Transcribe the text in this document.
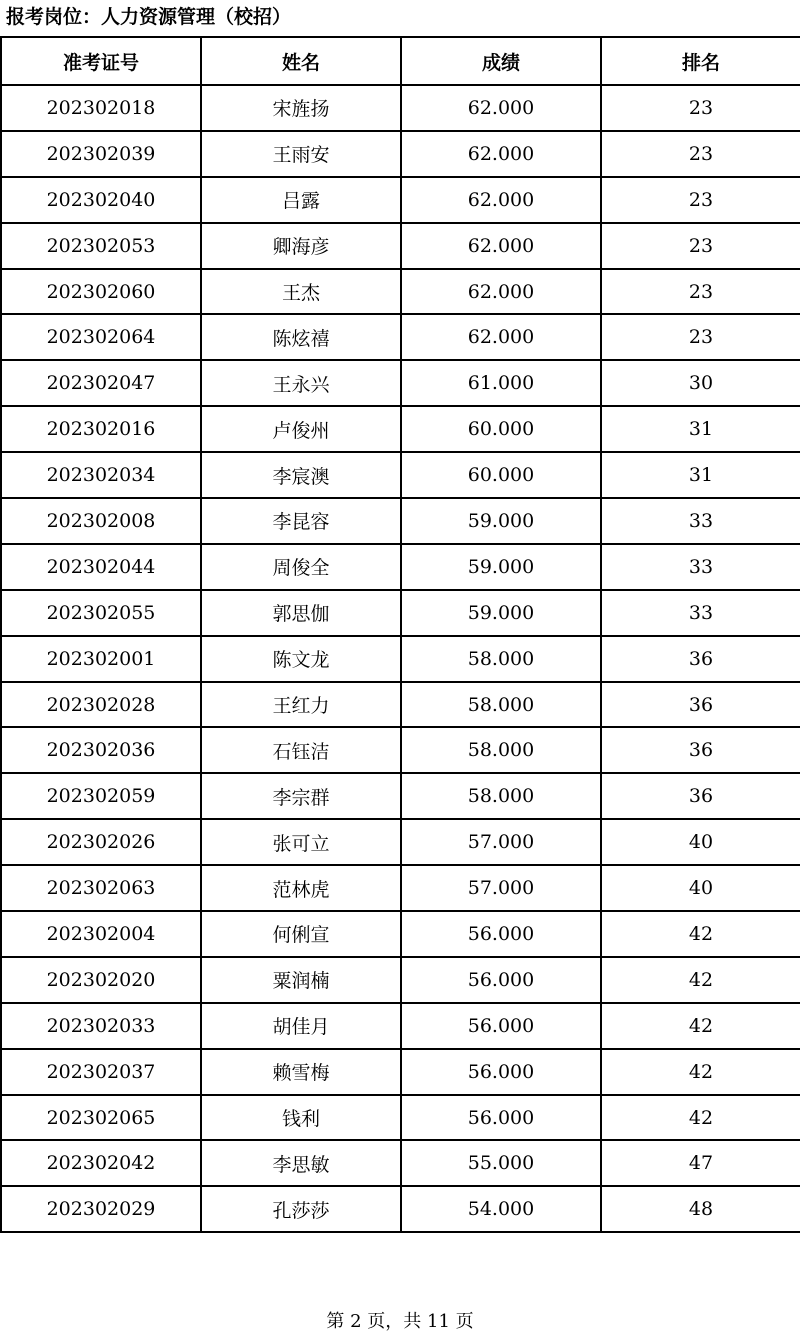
报考岗位：人力资源管理（校招）
准考证号	姓名	成绩	排名
202302018	宋旌扬	62.000	23
202302039	王雨安	62.000	23
202302040	吕露	62.000	23
202302053	卿海彦	62.000	23
202302060	王杰	62.000	23
202302064	陈炫禧	62.000	23
202302047	王永兴	61.000	30
202302016	卢俊州	60.000	31
202302034	李宸澳	60.000	31
202302008	李昆容	59.000	33
202302044	周俊全	59.000	33
202302055	郭思伽	59.000	33
202302001	陈文龙	58.000	36
202302028	王红力	58.000	36
202302036	石钰洁	58.000	36
202302059	李宗群	58.000	36
202302026	张可立	57.000	40
202302063	范林虎	57.000	40
202302004	何俐宣	56.000	42
202302020	粟润楠	56.000	42
202302033	胡佳月	56.000	42
202302037	赖雪梅	56.000	42
202302065	钱利	56.000	42
202302042	李思敏	55.000	47
202302029	孔莎莎	54.000	48
第 2 页，共 11 页
